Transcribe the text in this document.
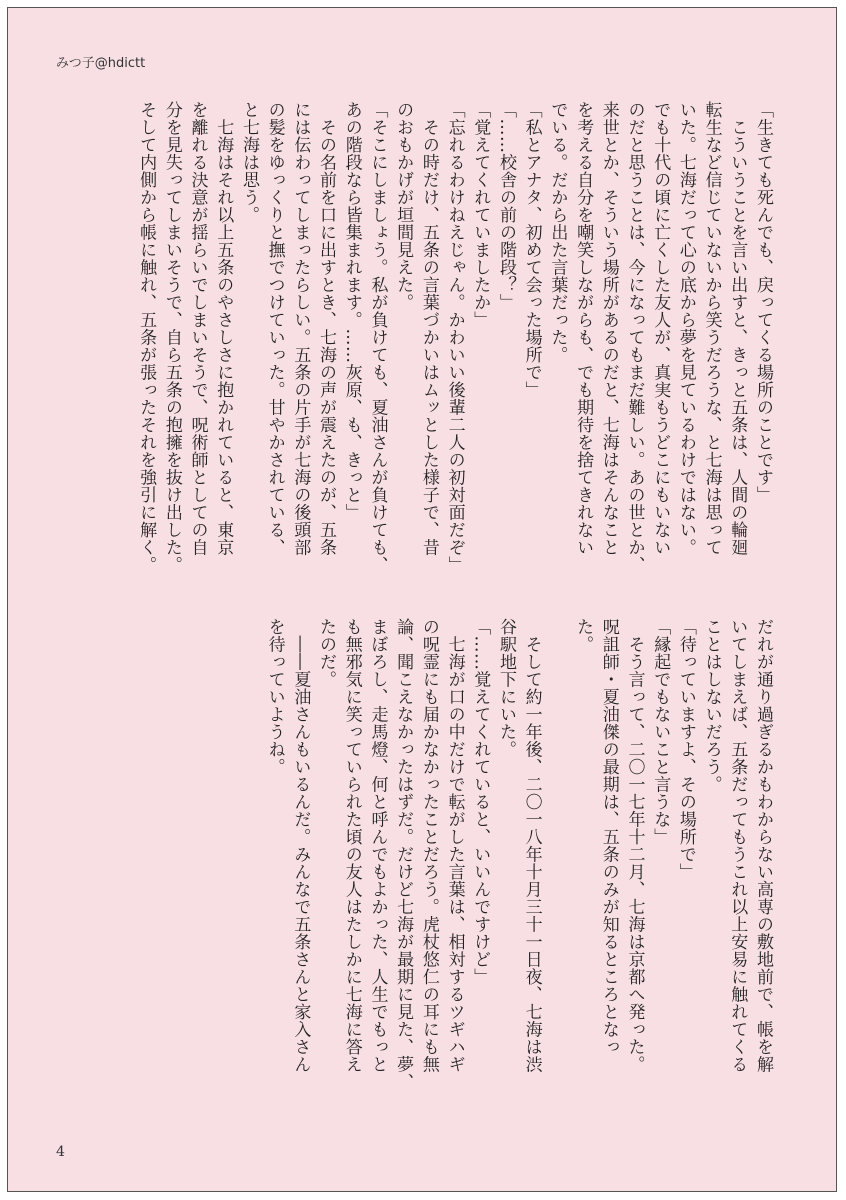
みつ子@hdictt
「生きても死んでも、戻ってくる場所のことです」
　こういうことを言い出すと、きっと五条は、人間の輪廻
転生など信じていないから笑うだろうな、と七海は思って
いた。七海だって心の底から夢を見ているわけではない。
でも十代の頃に亡くした友人が、真実もうどこにもいない
のだと思うことは、今になってもまだ難しい。あの世とか、
来世とか、そういう場所があるのだと、七海はそんなこと
を考える自分を嘲笑しながらも、でも期待を捨てきれない
でいる。だから出た言葉だった。
「私とアナタ、初めて会った場所で」
「……校舎の前の階段？」
「覚えてくれていましたか」
「忘れるわけねえじゃん。かわいい後輩二人の初対面だぞ」
　その時だけ、五条の言葉づかいはムッとした様子で、昔
のおもかげが垣間見えた。
「そこにしましょう。私が負けても、夏油さんが負けても、
あの階段なら皆集まれます。……灰原、も、きっと」
　その名前を口に出すとき、七海の声が震えたのが、五条
には伝わってしまったらしい。五条の片手が七海の後頭部
の髪をゆっくりと撫でつけていった。甘やかされている、
と七海は思う。
　七海はそれ以上五条のやさしさに抱かれていると、東京
を離れる決意が揺らいでしまいそうで、呪術師としての自
分を見失ってしまいそうで、自ら五条の抱擁を抜け出した。
そして内側から帳に触れ、五条が張ったそれを強引に解く。
だれが通り過ぎるかもわからない高専の敷地前で、帳を解
いてしまえば、五条だってもうこれ以上安易に触れてくる
ことはしないだろう。
「待っていますよ、その場所で」
「縁起でもないこと言うな」
　そう言って、二〇一七年十二月、七海は京都へ発った。
呪詛師・夏油傑の最期は、五条のみが知るところとなっ
た。

　そして約一年後、二〇一八年十月三十一日夜、七海は渋
谷駅地下にいた。
「……覚えてくれていると、いいんですけど」
　七海が口の中だけで転がした言葉は、相対するツギハギ
の呪霊にも届かなかったことだろう。虎杖悠仁の耳にも無
論、聞こえなかったはずだ。だけど七海が最期に見た、夢、
まぼろし、走馬燈、何と呼んでもよかった、人生でもっと
も無邪気に笑っていられた頃の友人はたしかに七海に答え
たのだ。
　――夏油さんもいるんだ。みんなで五条さんと家入さん
を待っていようね。
4
